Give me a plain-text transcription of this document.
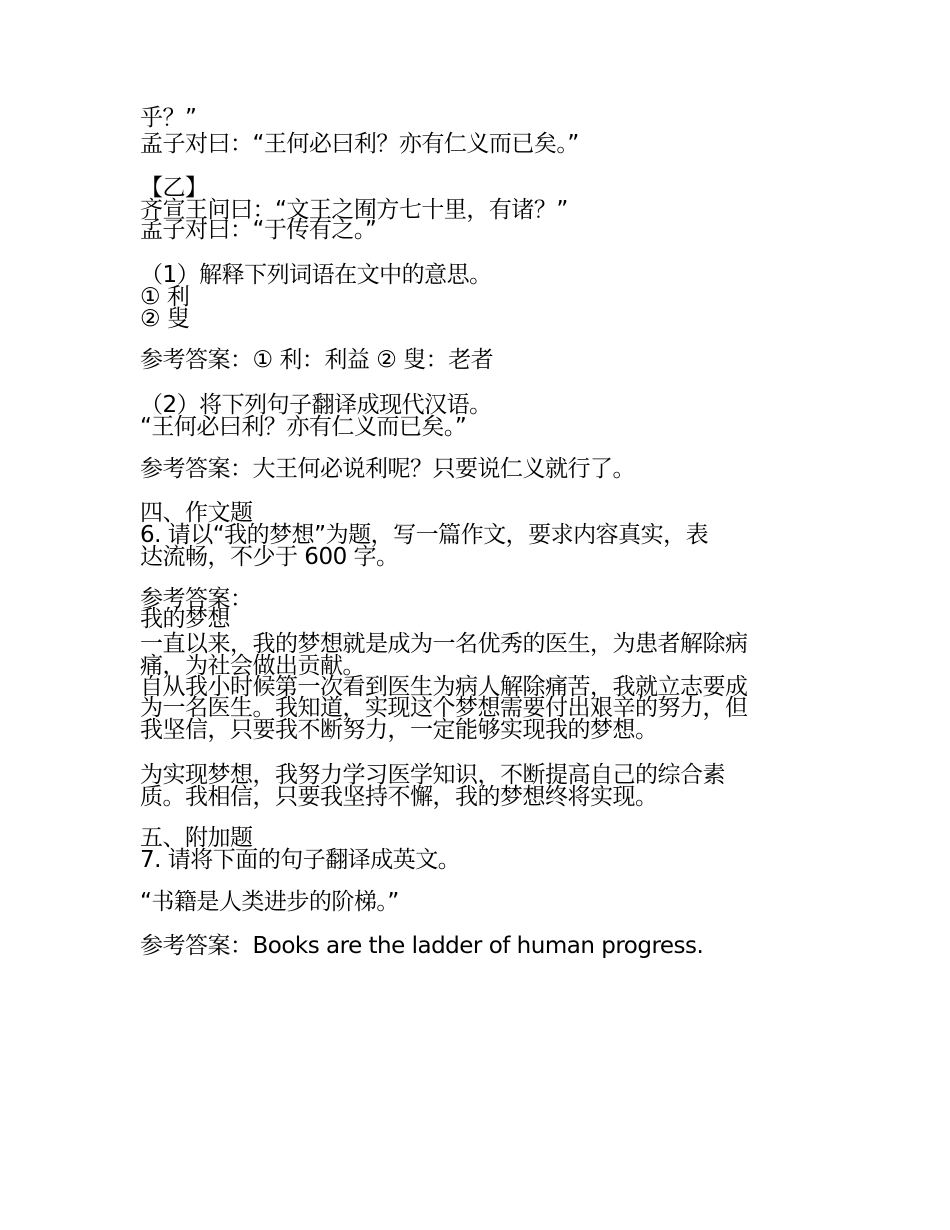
乎？”
孟子对曰：“王何必曰利？亦有仁义而已矣。”
【乙】
齐宣王问曰：“文王之囿方七十里，有诸？”
孟子对曰：“于传有之。”
（1）解释下列词语在文中的意思。
① 利
② 叟
参考答案：① 利：利益 ② 叟：老者
（2）将下列句子翻译成现代汉语。
“王何必曰利？亦有仁义而已矣。”
参考答案：大王何必说利呢？只要说仁义就行了。
四、作文题
6. 请以“我的梦想”为题，写一篇作文，要求内容真实，表
达流畅，不少于 600 字。
参考答案：
我的梦想
一直以来，我的梦想就是成为一名优秀的医生，为患者解除病
痛，为社会做出贡献。
自从我小时候第一次看到医生为病人解除痛苦，我就立志要成
为一名医生。我知道，实现这个梦想需要付出艰辛的努力，但
我坚信，只要我不断努力，一定能够实现我的梦想。
为实现梦想，我努力学习医学知识，不断提高自己的综合素
质。我相信，只要我坚持不懈，我的梦想终将实现。
五、附加题
7. 请将下面的句子翻译成英文。
“书籍是人类进步的阶梯。”
参考答案：Books are the ladder of human progress.
